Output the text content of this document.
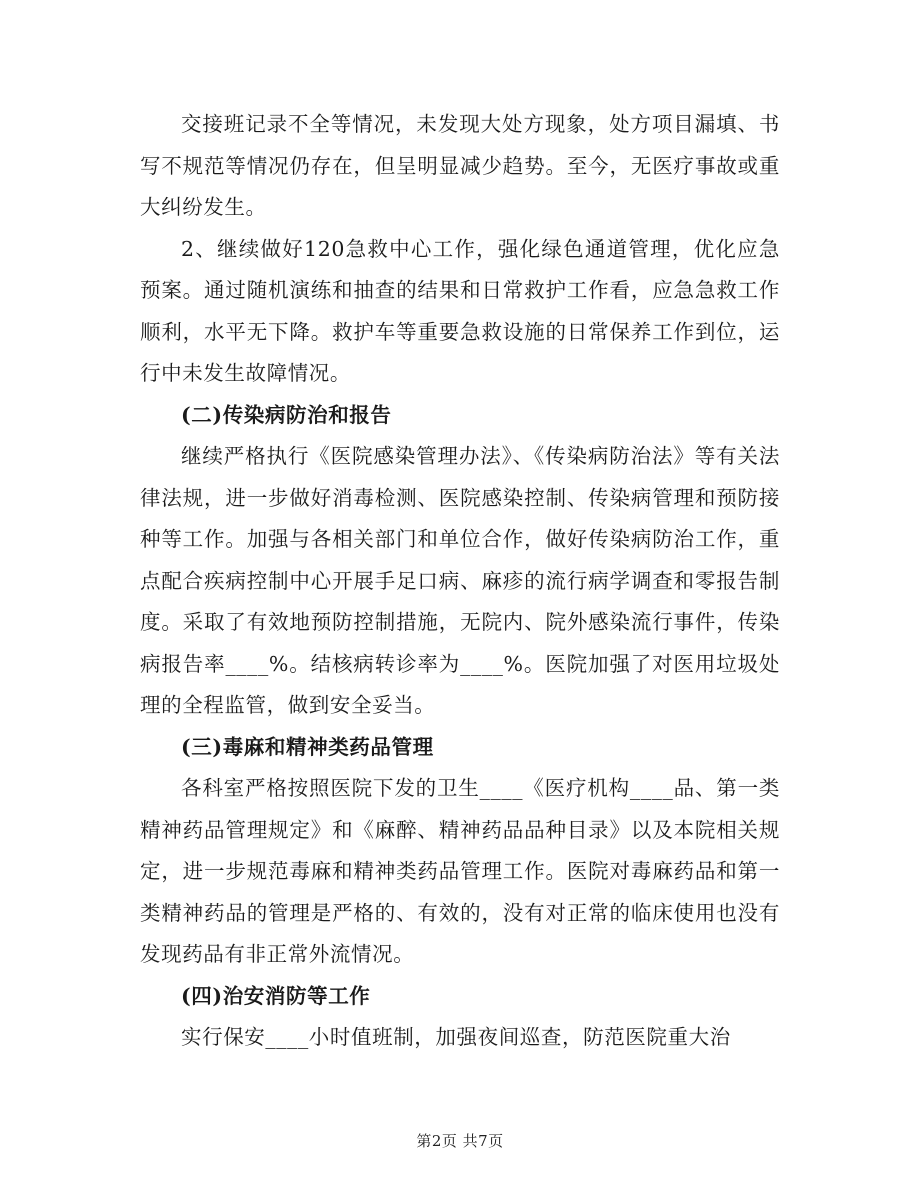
交接班记录不全等情况，未发现大处方现象，处方项目漏填、书写不规范等情况仍存在，但呈明显减少趋势。至今，无医疗事故或重大纠纷发生。

2、继续做好120急救中心工作，强化绿色通道管理，优化应急预案。通过随机演练和抽查的结果和日常救护工作看，应急急救工作顺利，水平无下降。救护车等重要急救设施的日常保养工作到位，运行中未发生故障情况。

(二)传染病防治和报告

继续严格执行《医院感染管理办法》、《传染病防治法》等有关法律法规，进一步做好消毒检测、医院感染控制、传染病管理和预防接种等工作。加强与各相关部门和单位合作，做好传染病防治工作，重点配合疾病控制中心开展手足口病、麻疹的流行病学调查和零报告制度。采取了有效地预防控制措施，无院内、院外感染流行事件，传染病报告率____%。结核病转诊率为____%。医院加强了对医用垃圾处理的全程监管，做到安全妥当。

(三)毒麻和精神类药品管理

各科室严格按照医院下发的卫生____《医疗机构____品、第一类精神药品管理规定》和《麻醉、精神药品品种目录》以及本院相关规定，进一步规范毒麻和精神类药品管理工作。医院对毒麻药品和第一类精神药品的管理是严格的、有效的，没有对正常的临床使用也没有发现药品有非正常外流情况。

(四)治安消防等工作

实行保安____小时值班制，加强夜间巡查，防范医院重大治

第2页 共7页
